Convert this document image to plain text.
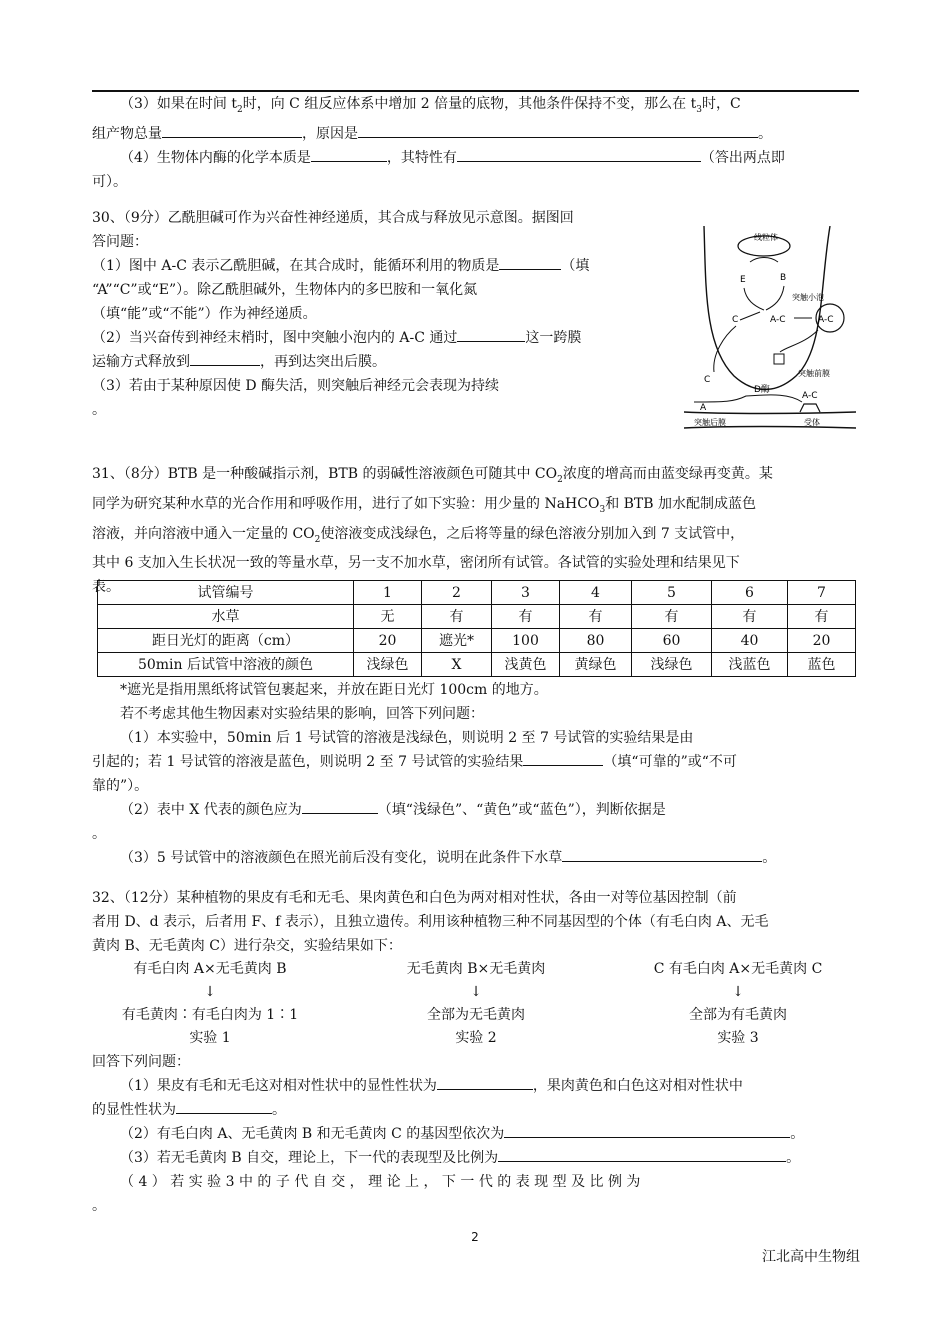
（3）如果在时间 $t_2$时，向 C 组反应体系中增加 2 倍量的底物，其他条件保持不变，那么在 $t_3$时，C

组产物总量	，原因是	。

（4）生物体内酶的化学本质是	，其特性有	（答出两点即

可）。

30、（9分）乙酰胆碱可作为兴奋性神经递质，其合成与释放见示意图。据图回

答问题：

（1）图中 A-C 表示乙酰胆碱，在其合成时，能循环利用的物质是	（填

“A”“C”或“E”）。除乙酰胆碱外，生物体内的多巴胺和一氧化氮

（填“能”或“不能”）作为神经递质。

（2）当兴奋传到神经末梢时，图中突触小泡内的 A-C 通过	这一跨膜

运输方式释放到	，再到达突出后膜。

（3）若由于某种原因使 D 酶失活，则突触后神经元会表现为持续

。

线粒体
E	B
突触小泡
C	A-C	A-C
突触前膜
C
D酶
A-C
A
突触后膜	受体

31、（8分）BTB 是一种酸碱指示剂，BTB 的弱碱性溶液颜色可随其中 $CO_2$浓度的增高而由蓝变绿再变黄。某

同学为研究某种水草的光合作用和呼吸作用，进行了如下实验：用少量的 NaHCO$_3$和 BTB 加水配制成蓝色

溶液，并向溶液中通入一定量的 $CO_2$使溶液变成浅绿色，之后将等量的绿色溶液分别加入到 7 支试管中，

其中 6 支加入生长状况一致的等量水草，另一支不加水草，密闭所有试管。各试管的实验处理和结果见下

表。	试管编号	1	2	3	4	5	6	7
水草	无	有	有	有	有	有	有
距日光灯的距离（cm）	20	遮光*	100	80	60	40	20
50min 后试管中溶液的颜色	浅绿色	X	浅黄色	黄绿色	浅绿色	浅蓝色	蓝色

*遮光是指用黑纸将试管包裹起来，并放在距日光灯 100cm 的地方。

若不考虑其他生物因素对实验结果的影响，回答下列问题：

（1）本实验中，50min 后 1 号试管的溶液是浅绿色，则说明 2 至 7 号试管的实验结果是由

引起的；若 1 号试管的溶液是蓝色，则说明 2 至 7 号试管的实验结果	（填“可靠的”或“不可

靠的”）。

（2）表中 X 代表的颜色应为	（填“浅绿色”、“黄色”或“蓝色”），判断依据是

。

（3）5 号试管中的溶液颜色在照光前后没有变化，说明在此条件下水草	。

32、（12分）某种植物的果皮有毛和无毛、果肉黄色和白色为两对相对性状，各由一对等位基因控制（前

者用 D、d 表示，后者用 F、f 表示），且独立遗传。利用该种植物三种不同基因型的个体（有毛白肉 A、无毛

黄肉 B、无毛黄肉 C）进行杂交，实验结果如下：

有毛白肉 A×无毛黄肉 B
↓
有毛黄肉∶有毛白肉为 1∶1
实验 1
无毛黄肉 B×无毛黄肉
↓
全部为无毛黄肉
实验 2
C 有毛白肉 A×无毛黄肉 C
↓
全部为有毛黄肉
实验 3

回答下列问题：

（1）果皮有毛和无毛这对相对性状中的显性性状为	，果肉黄色和白色这对相对性状中

的显性性状为	。

（2）有毛白肉 A、无毛黄肉 B 和无毛黄肉 C 的基因型依次为	。

（3）若无毛黄肉 B 自交，理论上，下一代的表现型及比例为	。

（ 4 ） 若 实 验 3 中 的 子 代 自 交 ， 理 论 上 ， 下 一 代 的 表 现 型 及 比 例 为

。

2
江北高中生物组
